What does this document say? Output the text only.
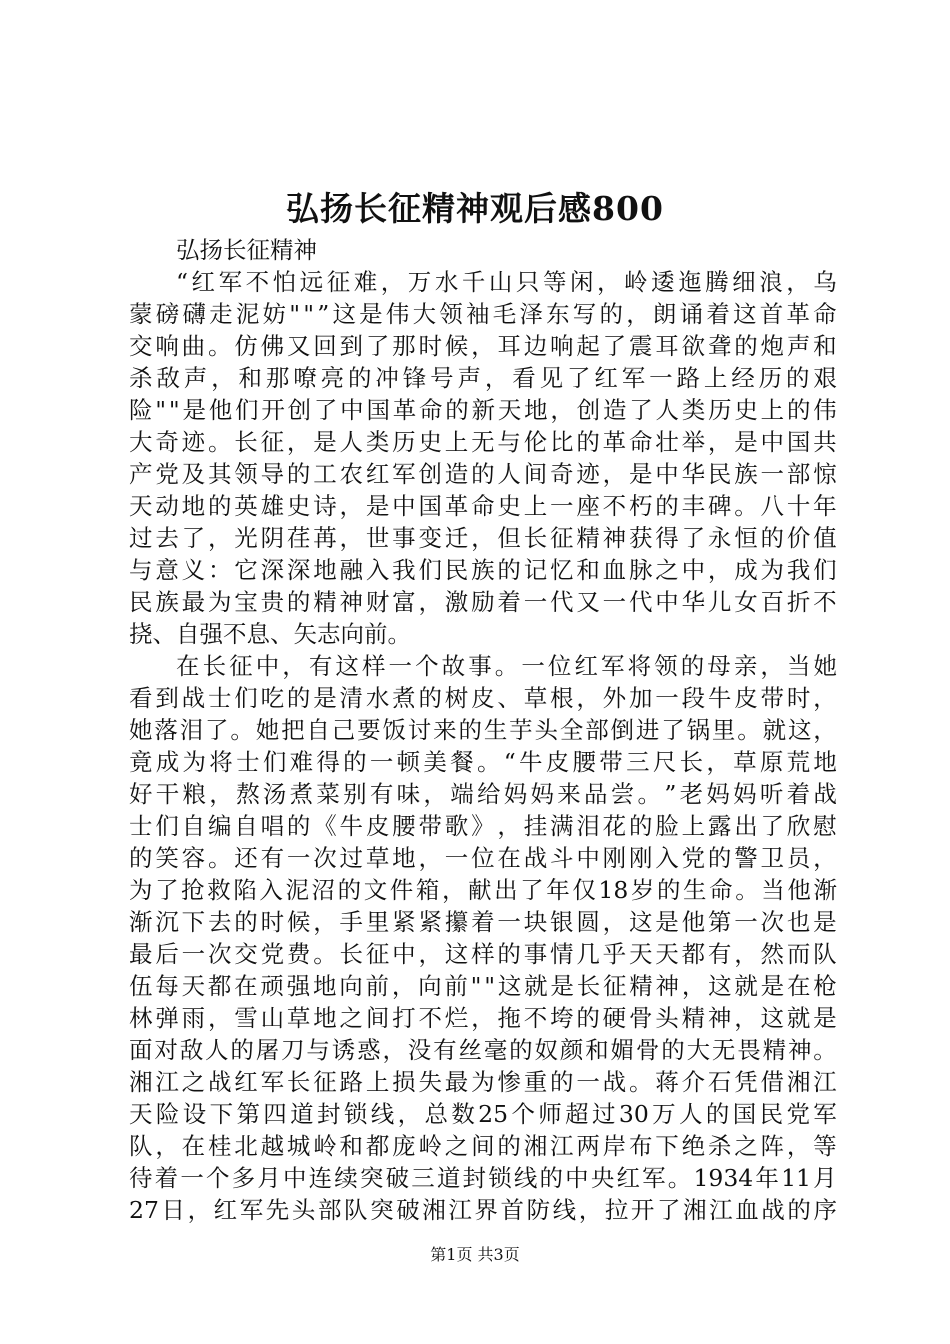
弘扬长征精神观后感800
弘扬长征精神
“ 红 军 不 怕 远 征 难 ， 万 水 千 山 只 等 闲 ， 岭 逶 迤 腾 细 浪 ， 乌
蒙 磅 礴 走 泥 妨 " " ” 这 是 伟 大 领 袖 毛 泽 东 写 的 ， 朗 诵 着 这 首 革 命
交 响 曲 。 仿 佛 又 回 到 了 那 时 候 ， 耳 边 响 起 了 震 耳 欲 聋 的 炮 声 和
杀 敌 声 ， 和 那 嘹 亮 的 冲 锋 号 声 ， 看 见 了 红 军 一 路 上 经 历 的 艰
险 " " 是 他 们 开 创 了 中 国 革 命 的 新 天 地 ， 创 造 了 人 类 历 史 上 的 伟
大 奇 迹 。 长 征 ， 是 人 类 历 史 上 无 与 伦 比 的 革 命 壮 举 ， 是 中 国 共
产 党 及 其 领 导 的 工 农 红 军 创 造 的 人 间 奇 迹 ， 是 中 华 民 族 一 部 惊
天 动 地 的 英 雄 史 诗 ， 是 中 国 革 命 史 上 一 座 不 朽 的 丰 碑 。 八 十 年
过 去 了 ， 光 阴 荏 苒 ， 世 事 变 迁 ， 但 长 征 精 神 获 得 了 永 恒 的 价 值
与 意 义 ： 它 深 深 地 融 入 我 们 民 族 的 记 忆 和 血 脉 之 中 ， 成 为 我 们
民 族 最 为 宝 贵 的 精 神 财 富 ， 激 励 着 一 代 又 一 代 中 华 儿 女 百 折 不
挠、自强不息、矢志向前。
在 长 征 中 ， 有 这 样 一 个 故 事 。 一 位 红 军 将 领 的 母 亲 ， 当 她
看 到 战 士 们 吃 的 是 清 水 煮 的 树 皮 、 草 根 ， 外 加 一 段 牛 皮 带 时 ，
她 落 泪 了 。 她 把 自 己 要 饭 讨 来 的 生 芋 头 全 部 倒 进 了 锅 里 。 就 这 ，
竟 成 为 将 士 们 难 得 的 一 顿 美 餐 。 “ 牛 皮 腰 带 三 尺 长 ， 草 原 荒 地
好 干 粮 ， 熬 汤 煮 菜 别 有 味 ， 端 给 妈 妈 来 品 尝 。 ” 老 妈 妈 听 着 战
士 们 自 编 自 唱 的 《 牛 皮 腰 带 歌 》 ， 挂 满 泪 花 的 脸 上 露 出 了 欣 慰
的 笑 容 。 还 有 一 次 过 草 地 ， 一 位 在 战 斗 中 刚 刚 入 党 的 警 卫 员 ，
为 了 抢 救 陷 入 泥 沼 的 文 件 箱 ， 献 出 了 年 仅 18 岁 的 生 命 。 当 他 渐
渐 沉 下 去 的 时 候 ， 手 里 紧 紧 攥 着 一 块 银 圆 ， 这 是 他 第 一 次 也 是
最 后 一 次 交 党 费 。 长 征 中 ， 这 样 的 事 情 几 乎 天 天 都 有 ， 然 而 队
伍 每 天 都 在 顽 强 地 向 前 ， 向 前 " " 这 就 是 长 征 精 神 ， 这 就 是 在 枪
林 弹 雨 ， 雪 山 草 地 之 间 打 不 烂 ， 拖 不 垮 的 硬 骨 头 精 神 ， 这 就 是
面 对 敌 人 的 屠 刀 与 诱 惑 ， 没 有 丝 毫 的 奴 颜 和 媚 骨 的 大 无 畏 精 神 。
湘 江 之 战 红 军 长 征 路 上 损 失 最 为 惨 重 的 一 战 。 蒋 介 石 凭 借 湘 江
天 险 设 下 第 四 道 封 锁 线 ， 总 数 25 个 师 超 过 30 万 人 的 国 民 党 军
队 ， 在 桂 北 越 城 岭 和 都 庞 岭 之 间 的 湘 江 两 岸 布 下 绝 杀 之 阵 ， 等
待 着 一 个 多 月 中 连 续 突 破 三 道 封 锁 线 的 中 央 红 军 。 1934 年 11 月
27 日 ， 红 军 先 头 部 队 突 破 湘 江 界 首 防 线 ， 拉 开 了 湘 江 血 战 的 序
第1页 共3页
